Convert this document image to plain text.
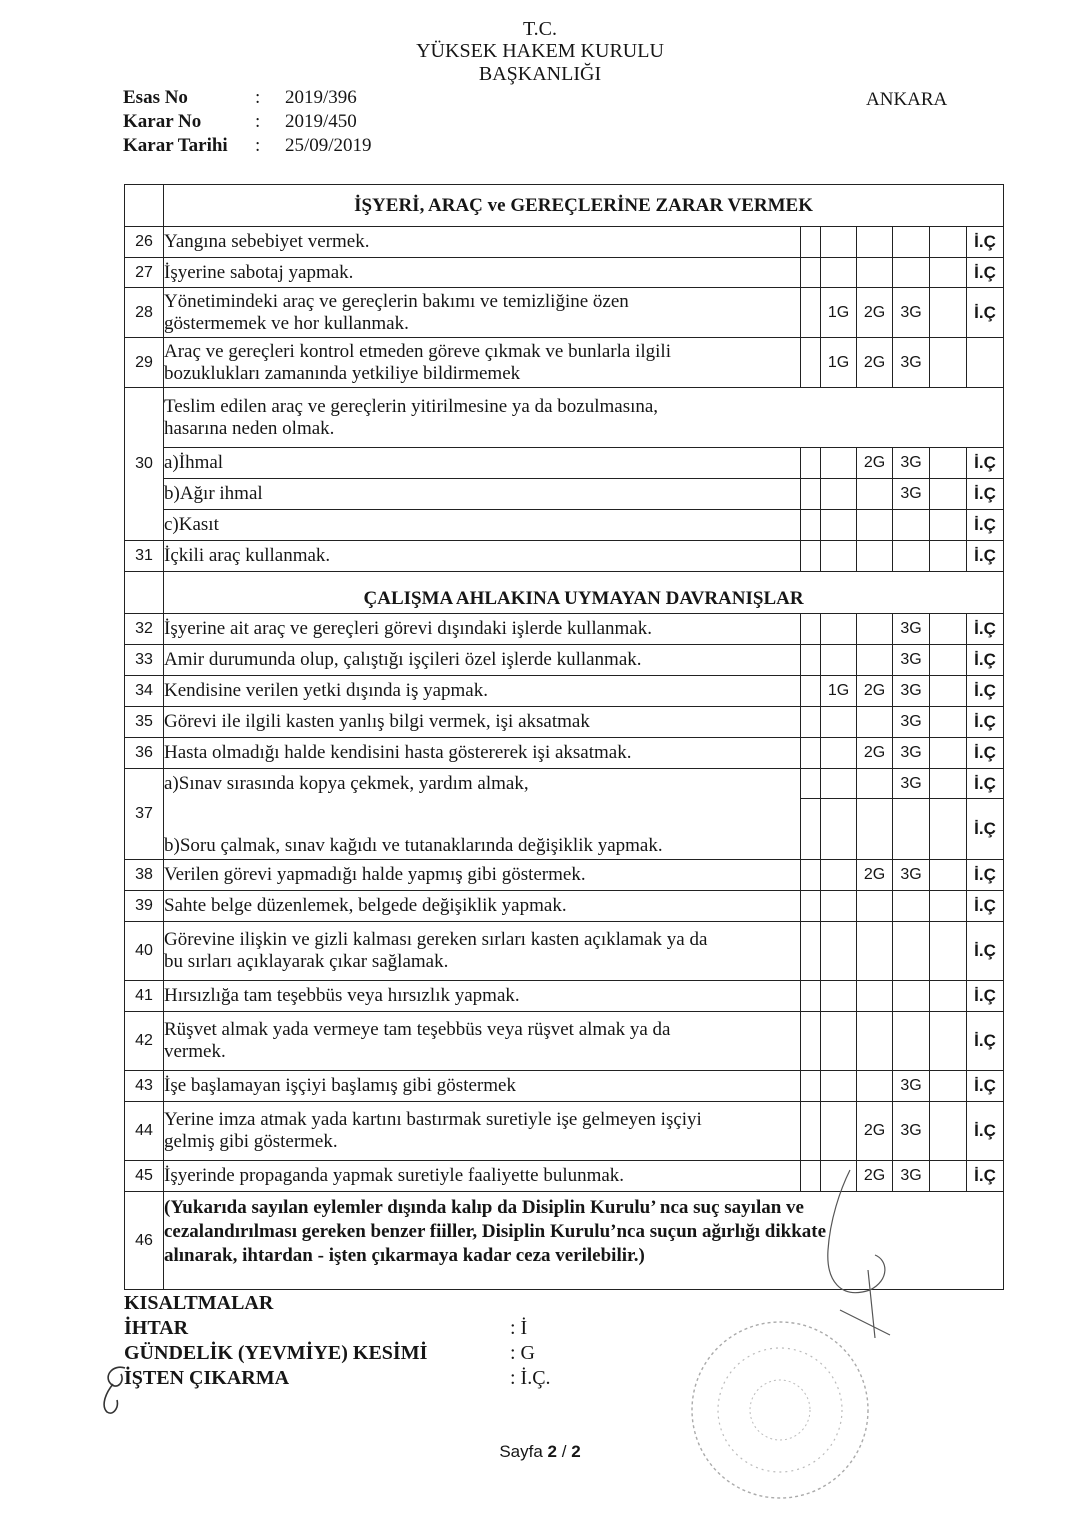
T.C.
YÜKSEK HAKEM KURULU
BAŞKANLIĞI
ANKARA
Esas No	: 2019/396
Karar No	: 2019/450
Karar Tarihi : 25/09/2019
	İŞYERİ, ARAÇ ve GEREÇLERİNE ZARAR VERMEK						
26	Yangına sebebiyet vermek.						İ.Ç
27	İşyerine sabotaj yapmak.						İ.Ç
28	Yönetimindeki araç ve gereçlerin bakımı ve temizliğine özen
göstermemek ve hor kullanmak.		1G	2G	3G		İ.Ç
29	Araç ve gereçleri kontrol etmeden göreve çıkmak ve bunlarla ilgili
bozuklukları zamanında yetkiliye bildirmemek		1G	2G	3G		
30	Teslim edilen araç ve gereçlerin yitirilmesine ya da bozulmasına,
hasarına neden olmak.						

	a)İhmal			2G	3G		İ.Ç
	b)Ağır ihmal				3G		İ.Ç
	c)Kasıt						İ.Ç
31	İçkili araç kullanmak.						İ.Ç
	ÇALIŞMA AHLAKINA UYMAYAN DAVRANIŞLAR						
32	İşyerine ait araç ve gereçleri görevi dışındaki işlerde kullanmak.				3G		İ.Ç
33	Amir durumunda olup, çalıştığı işçileri özel işlerde kullanmak.				3G		İ.Ç
34	Kendisine verilen yetki dışında iş yapmak.		1G	2G	3G		İ.Ç
35	Görevi ile ilgili kasten yanlış bilgi vermek, işi aksatmak				3G		İ.Ç
36	Hasta olmadığı halde kendisini hasta göstererek işi aksatmak.			2G	3G		İ.Ç
37	a)Sınav sırasında kopya çekmek, yardım almak,				3G		İ.Ç
	b)Soru çalmak, sınav kağıdı ve tutanaklarında değişiklik yapmak.						İ.Ç
38	Verilen görevi yapmadığı halde yapmış gibi göstermek.			2G	3G		İ.Ç
39	Sahte belge düzenlemek, belgede değişiklik yapmak.						İ.Ç
40	Görevine ilişkin ve gizli kalması gereken sırları kasten açıklamak ya da
bu sırları açıklayarak çıkar sağlamak.						İ.Ç
41	Hırsızlığa tam teşebbüs veya hırsızlık yapmak.						İ.Ç
42	Rüşvet almak yada vermeye tam teşebbüs veya rüşvet almak ya da
vermek.						İ.Ç
43	İşe başlamayan işçiyi başlamış gibi göstermek				3G		İ.Ç
44	Yerine imza atmak yada kartını bastırmak suretiyle işe gelmeyen işçiyi
gelmiş gibi göstermek.			2G	3G		İ.Ç
45	İşyerinde propaganda yapmak suretiyle faaliyette bulunmak.			2G	3G		İ.Ç
46	(Yukarıda sayılan eylemler dışında kalıp da Disiplin Kurulu’ nca suç sayılan ve
cezalandırılması gereken benzer fiiller, Disiplin Kurulu’nca suçun ağırlığı dikkate
alınarak, ihtardan - işten çıkarmaya kadar ceza verilebilir.)						
KISALTMALAR
İHTAR	: İ
GÜNDELİK (YEVMİYE) KESİMİ	: G
İŞTEN ÇIKARMA	: İ.Ç.
Sayfa 2 / 2
